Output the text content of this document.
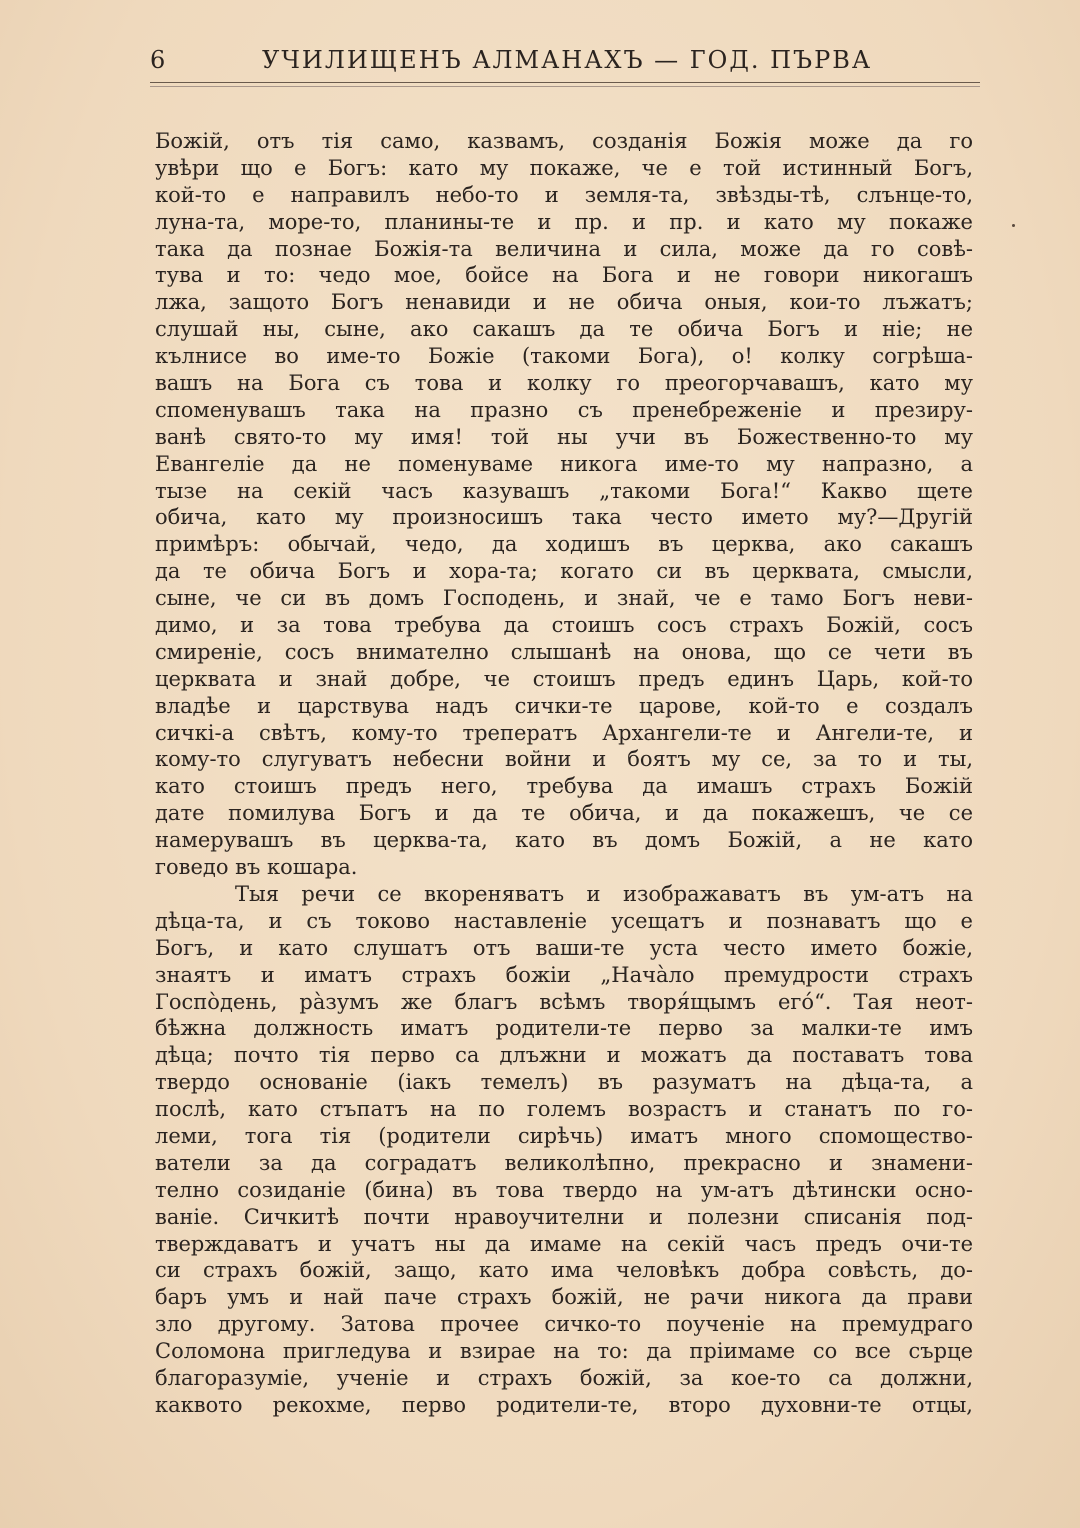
6	УЧИЛИЩЕНЪ АЛМАНАХЪ — ГОД. ПЪРВА
Божій, отъ тія само, казвамъ, созданія Божія може да го
увѣри що е Богъ: като му покаже, че е той истинный Богъ,
кой-то е направилъ небо-то и земля-та, звѣзды-тѣ, слънце-то,
луна-та, море-то, планины-те и пр. и пр. и като му покаже
така да познае Божія-та величина и сила, може да го совѣ-
тува и то: чедо мое, бойсе на Бога и не говори никогашъ
лжа, защото Богъ ненавиди и не обича оныя, кои-то лъжатъ;
слушай ны, сыне, ако сакашъ да те обича Богъ и ніе; не
кълнисе во име-то Божіе (такоми Бога), о! колку согрѣша-
вашъ на Бога съ това и колку го преогорчавашъ, като му
споменувашъ така на празно съ пренебреженіе и презиру-
ванѣ свято-то му имя! той ны учи въ Божественно-то му
Евангеліе да не поменуваме никога име-то му напразно, а
тызе на секій часъ казувашъ „такоми Бога!“ Какво щете
обича, като му произносишъ така често името му?—Другій
примѣръ: обычай, чедо, да ходишъ въ церква, ако сакашъ
да те обича Богъ и хора-та; когато си въ церквата, смысли,
сыне, че си въ домъ Господень, и знай, че е тамо Богъ неви-
димо, и за това требува да стоишъ сосъ страхъ Божій, сосъ
смиреніе, сосъ внимателно слышанѣ на онова, що се чети въ
церквата и знай добре, че стоишъ предъ единъ Царь, кой-то
владѣе и царствува надъ сички-те царове, кой-то е создалъ
сичкі-а свѣтъ, кому-то треператъ Архангели-те и Ангели-те, и
кому-то слугуватъ небесни войни и боятъ му се, за то и ты,
като стоишъ предъ него, требува да имашъ страхъ Божій
дате помилува Богъ и да те обича, и да покажешъ, че се
намерувашъ въ церква-та, като въ домъ Божій, а не като
говедо въ кошара.
Тыя речи се вкореняватъ и изображаватъ въ ум-атъ на
дѣца-та, и съ токово наставленіе усещатъ и познаватъ що е
Богъ, и като слушатъ отъ ваши-те уста често името божіе,
знаятъ и иматъ страхъ божіи „Начàло премудрости страхъ
Госпòдень, рàзумъ же благъ всѣмъ творя́щымъ егó“. Тая неот-
бѣжна должность иматъ родители-те перво за малки-те имъ
дѣца; почто тія перво са длъжни и можатъ да поставатъ това
твердо основаніе (іакъ темелъ) въ разуматъ на дѣца-та, а
послѣ, като стъпатъ на по големъ возрастъ и станатъ по го-
леми, тога тія (родители сирѣчь) иматъ много спомощество-
ватели за да соградатъ великолѣпно, прекрасно и знамени-
телно созиданіе (бина) въ това твердо на ум-атъ дѣтински осно-
ваніе. Сичкитѣ почти нравоучителни и полезни списанія под-
тверждаватъ и учатъ ны да имаме на секій часъ предъ очи-те
си страхъ божій, защо, като има человѣкъ добра совѣсть, до-
баръ умъ и най паче страхъ божій, не рачи никога да прави
зло другому. Затова прочее сичко-то поученіе на премудраго
Соломона пригледува и взирае на то: да пріимаме со все сърце
благоразуміе, ученіе и страхъ божій, за кое-то са должни,
каквото рекохме, перво родители-те, второ духовни-те отцы,
